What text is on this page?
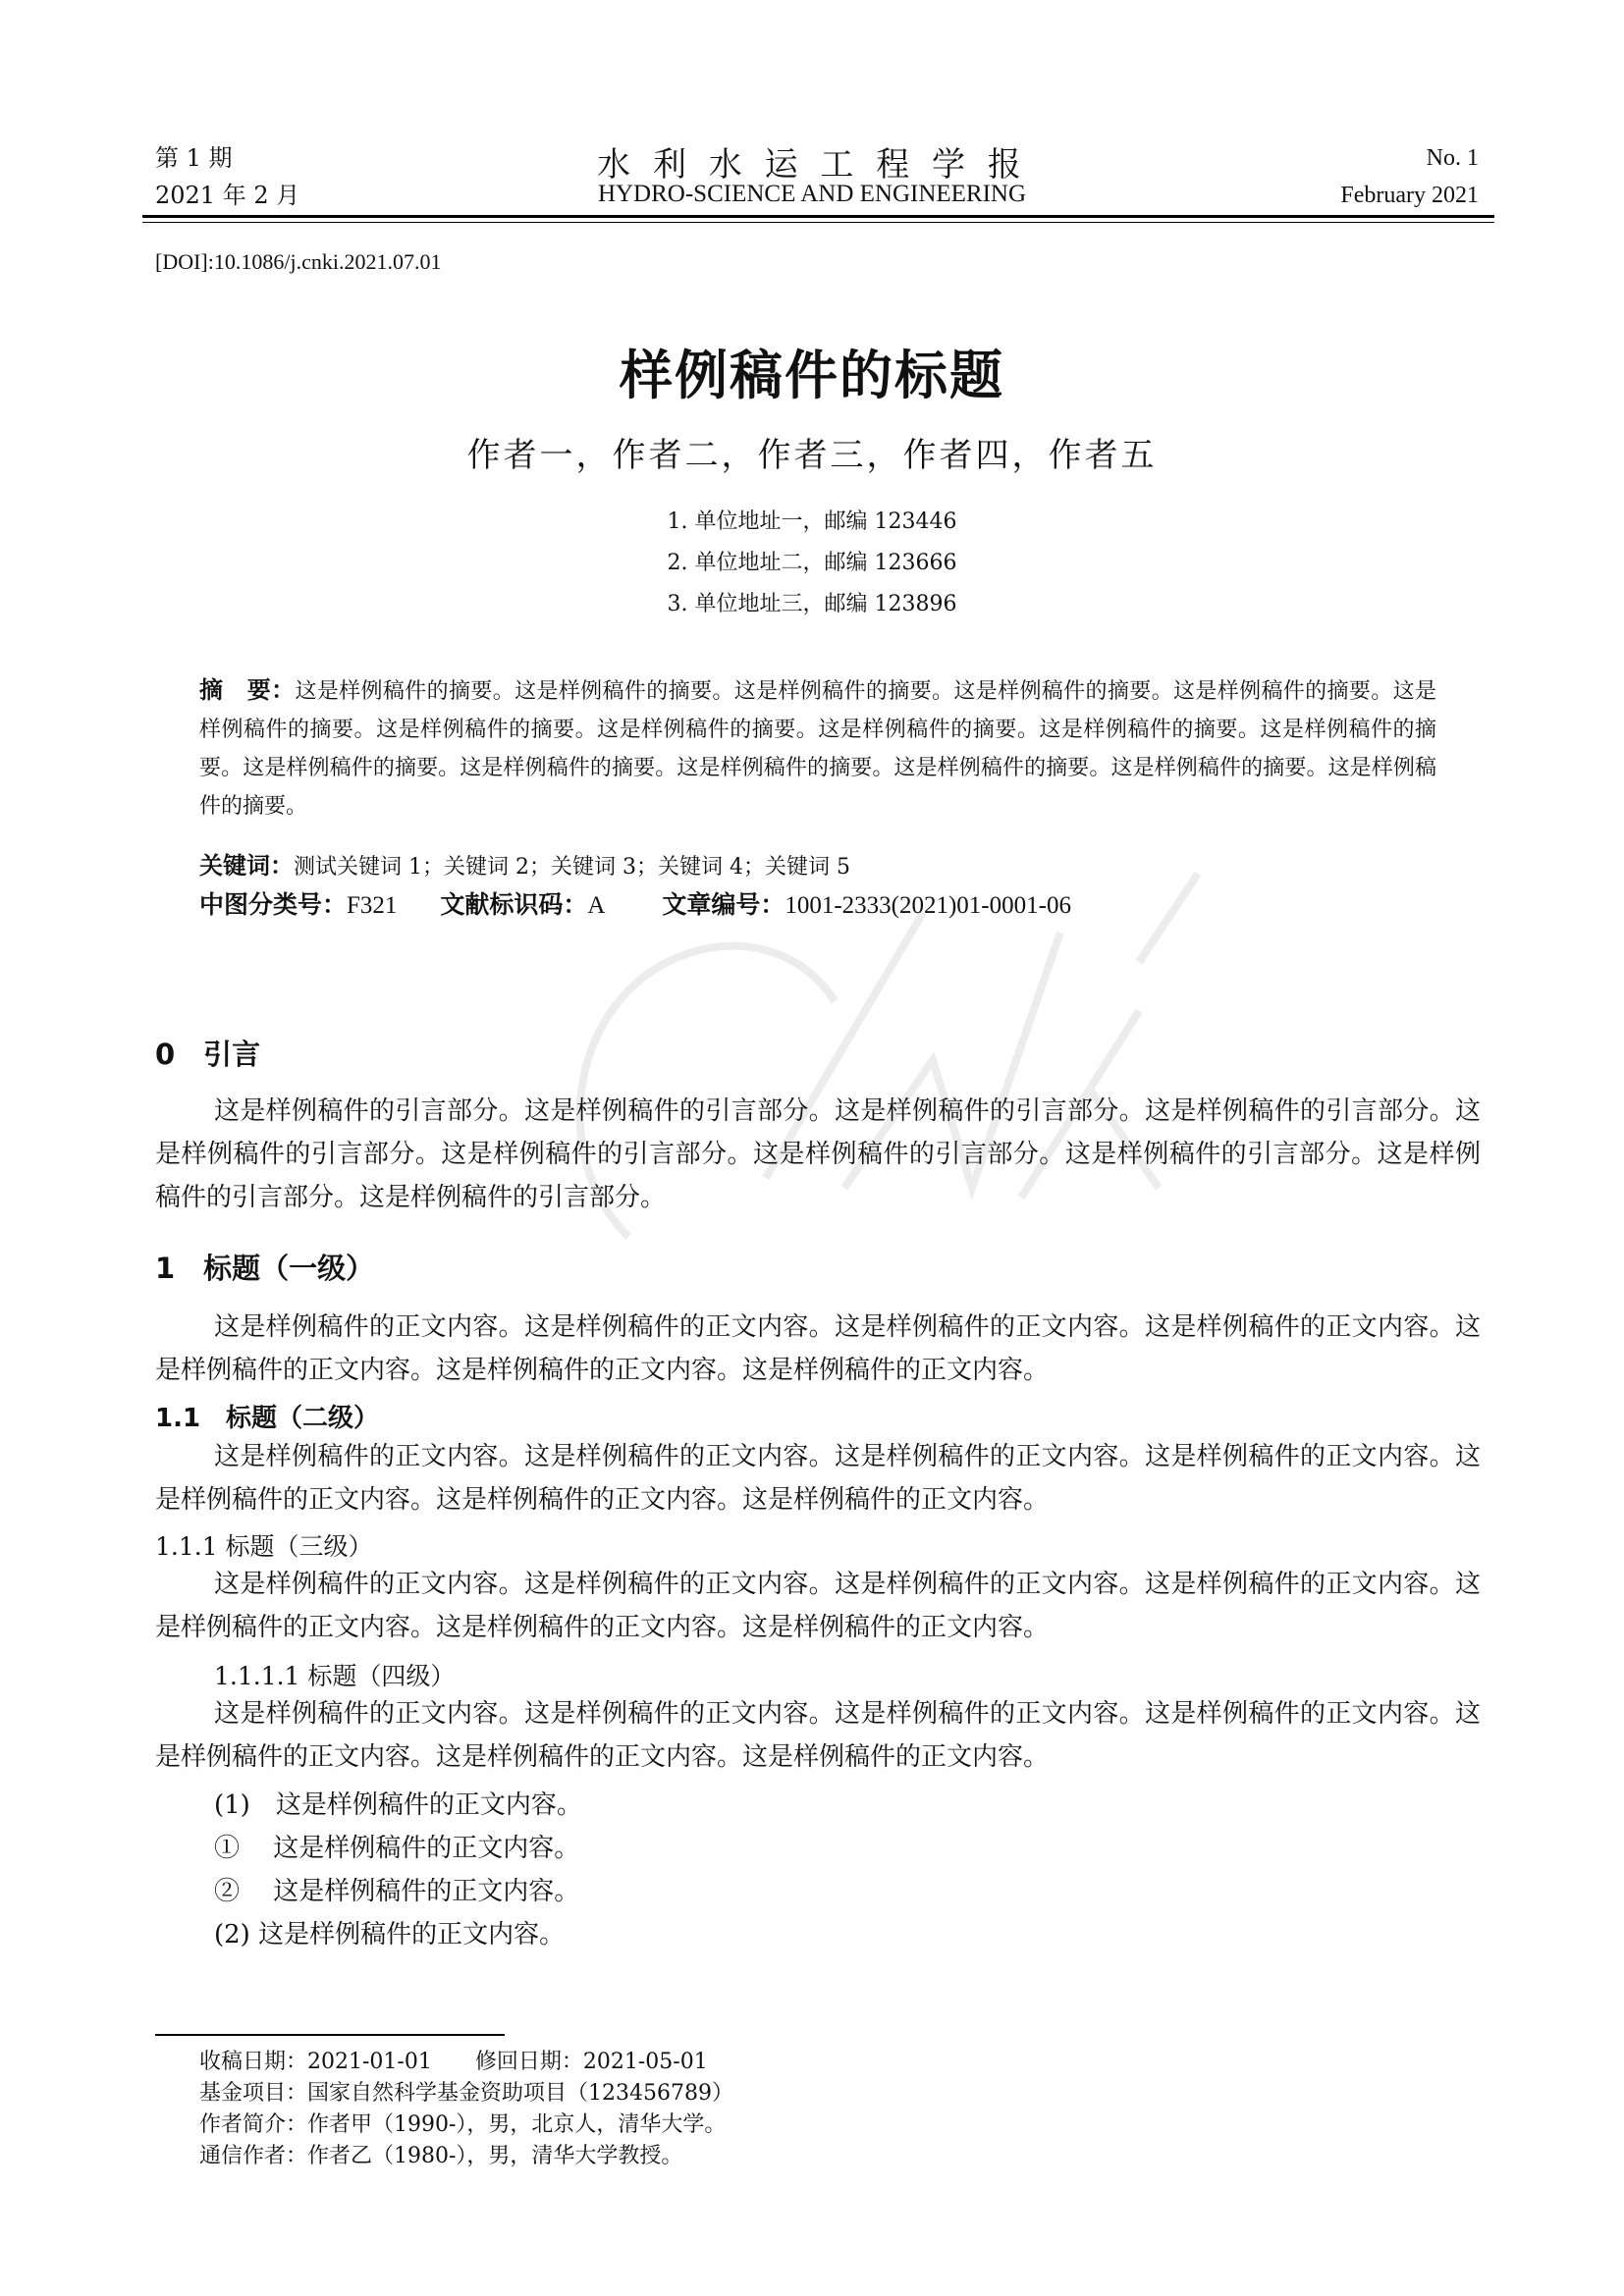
第 1 期
2021 年 2 月
水 利 水 运 工 程 学 报
HYDRO-SCIENCE AND ENGINEERING
No. 1
February 2021
[DOI]:10.1086/j.cnki.2021.07.01
样例稿件的标题
作者一，作者二，作者三，作者四，作者五
1. 单位地址一，邮编 123446
2. 单位地址二，邮编 123666
3. 单位地址三，邮编 123896
摘　要：这是样例稿件的摘要。这是样例稿件的摘要。这是样例稿件的摘要。这是样例稿件的摘要。这是样例稿件的摘要。这是样例稿件的摘要。这是样例稿件的摘要。这是样例稿件的摘要。这是样例稿件的摘要。这是样例稿件的摘要。这是样例稿件的摘要。这是样例稿件的摘要。这是样例稿件的摘要。这是样例稿件的摘要。这是样例稿件的摘要。这是样例稿件的摘要。这是样例稿件的摘要。
关键词：测试关键词 1；关键词 2；关键词 3；关键词 4；关键词 5
中图分类号：F321 文献标识码：A 文章编号：1001-2333(2021)01-0001-06
0　引言
这是样例稿件的引言部分。这是样例稿件的引言部分。这是样例稿件的引言部分。这是样例稿件的引言部分。这是样例稿件的引言部分。这是样例稿件的引言部分。这是样例稿件的引言部分。这是样例稿件的引言部分。这是样例稿件的引言部分。这是样例稿件的引言部分。
1　标题（一级）
这是样例稿件的正文内容。这是样例稿件的正文内容。这是样例稿件的正文内容。这是样例稿件的正文内容。这是样例稿件的正文内容。这是样例稿件的正文内容。这是样例稿件的正文内容。
1.1　标题（二级）
这是样例稿件的正文内容。这是样例稿件的正文内容。这是样例稿件的正文内容。这是样例稿件的正文内容。这是样例稿件的正文内容。这是样例稿件的正文内容。这是样例稿件的正文内容。
1.1.1 标题（三级）
这是样例稿件的正文内容。这是样例稿件的正文内容。这是样例稿件的正文内容。这是样例稿件的正文内容。这是样例稿件的正文内容。这是样例稿件的正文内容。这是样例稿件的正文内容。
1.1.1.1 标题（四级）
这是样例稿件的正文内容。这是样例稿件的正文内容。这是样例稿件的正文内容。这是样例稿件的正文内容。这是样例稿件的正文内容。这是样例稿件的正文内容。这是样例稿件的正文内容。
(1)　这是样例稿件的正文内容。
①　 这是样例稿件的正文内容。
②　 这是样例稿件的正文内容。
(2) 这是样例稿件的正文内容。
收稿日期：2021-01-01　　修回日期：2021-05-01
基金项目：国家自然科学基金资助项目（123456789）
作者简介：作者甲（1990-），男，北京人，清华大学。
通信作者：作者乙（1980-），男，清华大学教授。
